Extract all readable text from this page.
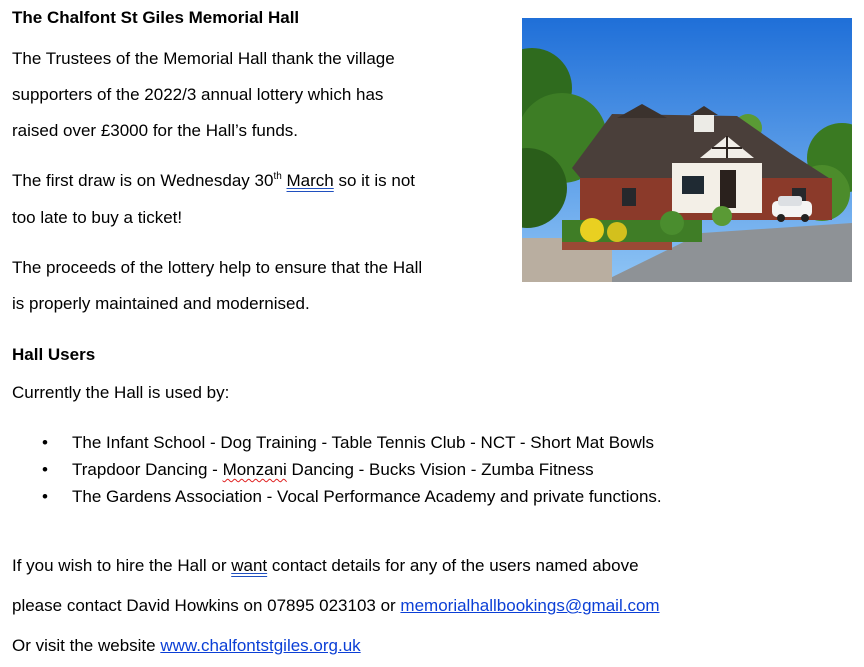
The Chalfont St Giles Memorial Hall
The Trustees of the Memorial Hall thank the village
supporters of the 2022/3 annual lottery which has
raised over £3000 for the Hall’s funds.
The first draw is on Wednesday 30th March so it is not
too late to buy a ticket!
The proceeds of the lottery help to ensure that the Hall
is properly maintained and modernised.
Hall Users
Currently the Hall is used by:
• The Infant School - Dog Training - Table Tennis Club - NCT - Short Mat Bowls
• Trapdoor Dancing - Monzani Dancing - Bucks Vision - Zumba Fitness
• The Gardens Association - Vocal Performance Academy and private functions.
If you wish to hire the Hall or want contact details for any of the users named above
please contact David Howkins on 07895 023103 or memorialhallbookings@gmail.com
Or visit the website www.chalfontstgiles.org.uk
